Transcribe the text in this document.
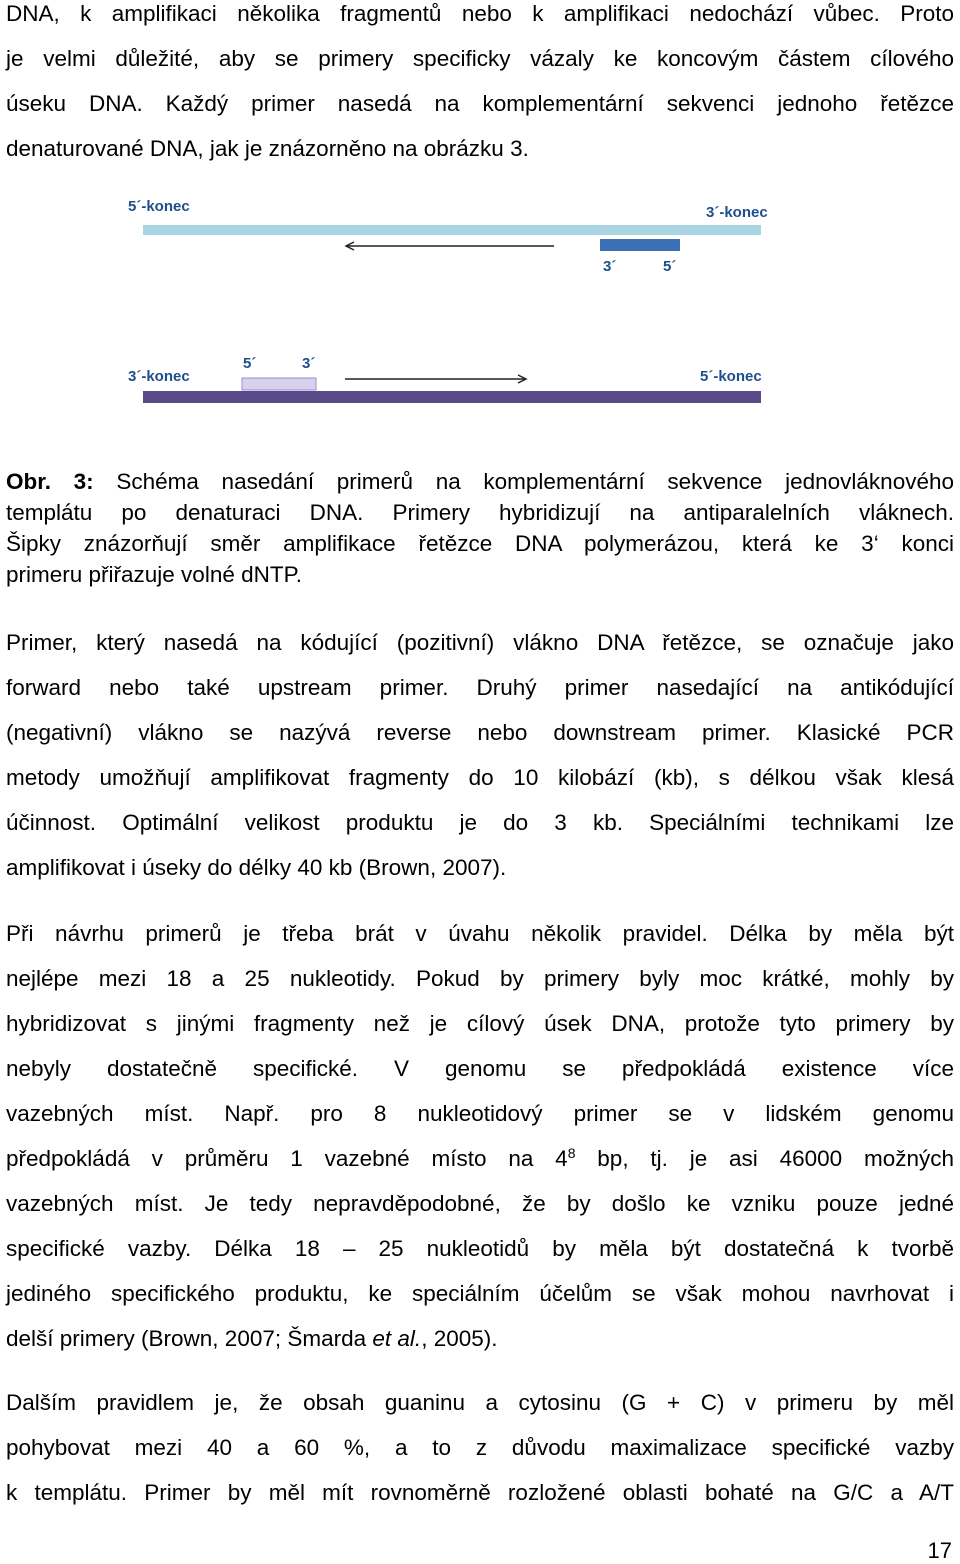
DNA, k amplifikaci několika fragmentů nebo k amplifikaci nedochází vůbec. Proto
je velmi důležité, aby se primery specificky vázaly ke koncovým částem cílového
úseku DNA. Každý primer nasedá na komplementární sekvenci jednoho řetězce
denaturované DNA, jak je znázorněno na obrázku 3.

5´-konec	3´-konec
3´	5´
3´-konec	5´-konec
5´	3´

Obr. 3: Schéma nasedání primerů na komplementární sekvence jednovláknového
templátu po denaturaci DNA. Primery hybridizují na antiparalelních vláknech.
Šipky znázorňují směr amplifikace řetězce DNA polymerázou, která ke 3‘ konci
primeru přiřazuje volné dNTP.

Primer, který nasedá na kódující (pozitivní) vlákno DNA řetězce, se označuje jako
forward nebo také upstream primer. Druhý primer nasedající na antikódující
(negativní) vlákno se nazývá reverse nebo downstream primer. Klasické PCR
metody umožňují amplifikovat fragmenty do 10 kilobází (kb), s délkou však klesá
účinnost. Optimální velikost produktu je do 3 kb. Speciálními technikami lze
amplifikovat i úseky do délky 40 kb (Brown, 2007).

Při návrhu primerů je třeba brát v úvahu několik pravidel. Délka by měla být
nejlépe mezi 18 a 25 nukleotidy. Pokud by primery byly moc krátké, mohly by
hybridizovat s jinými fragmenty než je cílový úsek DNA, protože tyto primery by
nebyly dostatečně specifické. V genomu se předpokládá existence více
vazebných míst. Např. pro 8 nukleotidový primer se v lidském genomu
předpokládá v průměru 1 vazebné místo na $4^8$ bp, tj. je asi 46000 možných
vazebných míst. Je tedy nepravděpodobné, že by došlo ke vzniku pouze jedné
specifické vazby. Délka 18 – 25 nukleotidů by měla být dostatečná k tvorbě
jediného specifického produktu, ke speciálním účelům se však mohou navrhovat i
delší primery (Brown, 2007; Šmarda et al., 2005).

Dalším pravidlem je, že obsah guaninu a cytosinu (G + C) v primeru by měl
pohybovat mezi 40 a 60 %, a to z důvodu maximalizace specifické vazby
k templátu. Primer by měl mít rovnoměrně rozložené oblasti bohaté na G/C a A/T

17
